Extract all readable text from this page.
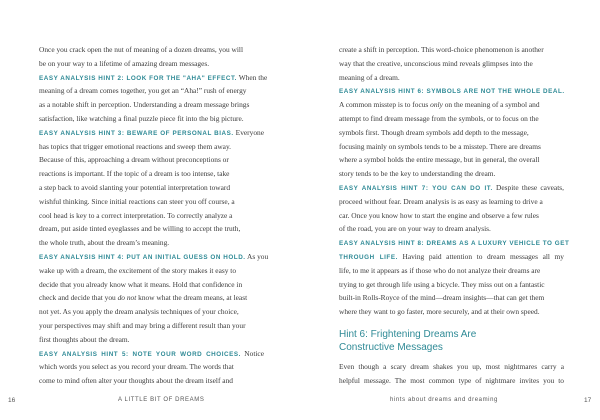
Once you crack open the nut of meaning of a dozen dreams, you will
be on your way to a lifetime of amazing dream messages.
EASY ANALYSIS HINT 2: LOOK FOR THE "AHA" EFFECT. When the
meaning of a dream comes together, you get an “Aha!” rush of energy
as a notable shift in perception. Understanding a dream message brings
satisfaction, like watching a final puzzle piece fit into the big picture.
EASY ANALYSIS HINT 3: BEWARE OF PERSONAL BIAS. Everyone
has topics that trigger emotional reactions and sweep them away.
Because of this, approaching a dream without preconceptions or
reactions is important. If the topic of a dream is too intense, take
a step back to avoid slanting your potential interpretation toward
wishful thinking. Since initial reactions can steer you off course, a
cool head is key to a correct interpretation. To correctly analyze a
dream, put aside tinted eyeglasses and be willing to accept the truth,
the whole truth, about the dream’s meaning.
EASY ANALYSIS HINT 4: PUT AN INITIAL GUESS ON HOLD. As you
wake up with a dream, the excitement of the story makes it easy to
decide that you already know what it means. Hold that confidence in
check and decide that you do not know what the dream means, at least
not yet. As you apply the dream analysis techniques of your choice,
your perspectives may shift and may bring a different result than your
first thoughts about the dream.
EASY ANALYSIS HINT 5: NOTE YOUR WORD CHOICES. Notice
which words you select as you record your dream. The words that
come to mind often alter your thoughts about the dream itself and
16	A LITTLE BIT OF DREAMS
create a shift in perception. This word-choice phenomenon is another
way that the creative, unconscious mind reveals glimpses into the
meaning of a dream.
EASY ANALYSIS HINT 6: SYMBOLS ARE NOT THE WHOLE DEAL.
A common misstep is to focus only on the meaning of a symbol and
attempt to find dream message from the symbols, or to focus on the
symbols first. Though dream symbols add depth to the message,
focusing mainly on symbols tends to be a misstep. There are dreams
where a symbol holds the entire message, but in general, the overall
story tends to be the key to understanding the dream.
EASY ANALYSIS HINT 7: YOU CAN DO IT. Despite these caveats,
proceed without fear. Dream analysis is as easy as learning to drive a
car. Once you know how to start the engine and observe a few rules
of the road, you are on your way to dream analysis.
EASY ANALYSIS HINT 8: DREAMS AS A LUXURY VEHICLE TO GET
THROUGH LIFE. Having paid attention to dream messages all my
life, to me it appears as if those who do not analyze their dreams are
trying to get through life using a bicycle. They miss out on a fantastic
built-in Rolls-Royce of the mind—dream insights—that can get them
where they want to go faster, more securely, and at their own speed.
Hint 6: Frightening Dreams Are
Constructive Messages
Even though a scary dream shakes you up, most nightmares carry a
helpful message. The most common type of nightmare invites you to
hints about dreams and dreaming	17
